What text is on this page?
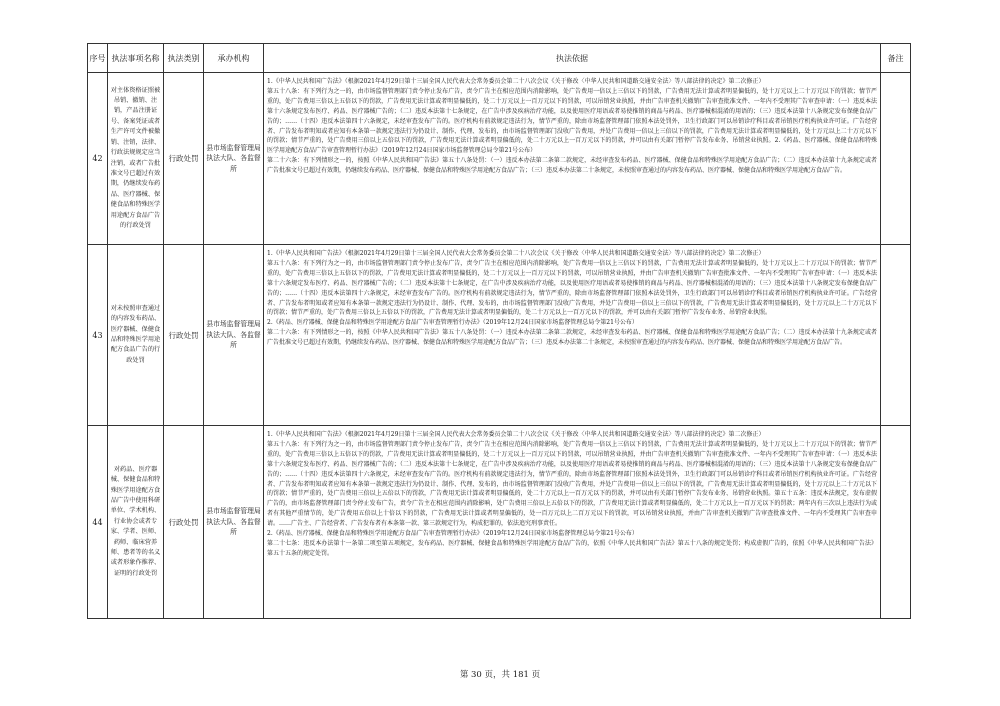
序号	执法事项名称	执法类别	承办机构	执法依据	备注
42	对主体资格证照被吊销、撤销、注销，产品注册证号、备案凭证或者生产许可文件被撤销、注销，法律、行政法规规定应当注销，或者广告批准文号已超过有效期，仍继续发布药品、医疗器械、保健食品和特殊医学用途配方食品广告的行政处罚	行政处罚	县市场监督管理局执法大队、各监督所	1.《中华人民共和国广告法》（根据2021年4月29日第十三届全国人民代表大会常务委员会第二十八次会议《关于修改〈中华人民共和国道路交通安全法〉等八部法律的决定》第二次修正）

第五十八条：有下列行为之一的，由市场监督管理部门责令停止发布广告，责令广告主在相应范围内消除影响，处广告费用一倍以上三倍以下的罚款，广告费用无法计算或者明显偏低的，处十万元以上二十万元以下的罚款；情节严重的，处广告费用三倍以上五倍以下的罚款，广告费用无法计算或者明显偏低的，处二十万元以上一百万元以下的罚款，可以吊销营业执照，并由广告审查机关撤销广告审查批准文件、一年内不受理其广告审查申请：（一）违反本法第十六条规定发布医疗、药品、医疗器械广告的；（二）违反本法第十七条规定，在广告中涉及疾病治疗功能，以及使用医疗用语或者易使推销的商品与药品、医疗器械相混淆的用语的；（三）违反本法第十八条规定发布保健食品广告的；……（十四）违反本法第四十六条规定，未经审查发布广告的。医疗机构有前款规定违法行为，情节严重的，除由市场监督管理部门依照本法处罚外，卫生行政部门可以吊销诊疗科目或者吊销医疗机构执业许可证。广告经营者、广告发布者明知或者应知有本条第一款规定违法行为仍设计、制作、代理、发布的，由市场监督管理部门没收广告费用，并处广告费用一倍以上三倍以下的罚款，广告费用无法计算或者明显偏低的，处十万元以上二十万元以下的罚款；情节严重的，处广告费用三倍以上五倍以下的罚款，广告费用无法计算或者明显偏低的，处二十万元以上一百万元以下的罚款，并可以由有关部门暂停广告发布业务、吊销营业执照。2.《药品、医疗器械、保健食品和特殊医学用途配方食品广告审查管理暂行办法》（2019年12月24日国家市场监督管理总局令第21号公布）

第二十六条：有下列情形之一的，按照《中华人民共和国广告法》第五十八条处罚：（一）违反本办法第二条第二款规定，未经审查发布药品、医疗器械、保健食品和特殊医学用途配方食品广告；（二）违反本办法第十九条规定或者广告批准文号已超过有效期，仍继续发布药品、医疗器械、保健食品和特殊医学用途配方食品广告；（三）违反本办法第二十条规定，未按照审查通过的内容发布药品、医疗器械、保健食品和特殊医学用途配方食品广告。	

43	对未按照审查通过的内容发布药品、医疗器械、保健食品和特殊医学用途配方食品广告的行政处罚	行政处罚	县市场监督管理局执法大队、各监督所	1.《中华人民共和国广告法》（根据2021年4月29日第十三届全国人民代表大会常务委员会第二十八次会议《关于修改〈中华人民共和国道路交通安全法〉等八部法律的决定》第二次修正）

第五十八条：有下列行为之一的，由市场监督管理部门责令停止发布广告，责令广告主在相应范围内消除影响，处广告费用一倍以上三倍以下的罚款，广告费用无法计算或者明显偏低的，处十万元以上二十万元以下的罚款；情节严重的，处广告费用三倍以上五倍以下的罚款，广告费用无法计算或者明显偏低的，处二十万元以上一百万元以下的罚款，可以吊销营业执照，并由广告审查机关撤销广告审查批准文件、一年内不受理其广告审查申请：（一）违反本法第十六条规定发布医疗、药品、医疗器械广告的；（二）违反本法第十七条规定，在广告中涉及疾病治疗功能，以及使用医疗用语或者易使推销的商品与药品、医疗器械相混淆的用语的；（三）违反本法第十八条规定发布保健食品广告的；……（十四）违反本法第四十六条规定，未经审查发布广告的。医疗机构有前款规定违法行为，情节严重的，除由市场监督管理部门依照本法处罚外，卫生行政部门可以吊销诊疗科目或者吊销医疗机构执业许可证。广告经营者、广告发布者明知或者应知有本条第一款规定违法行为仍设计、制作、代理、发布的，由市场监督管理部门没收广告费用，并处广告费用一倍以上三倍以下的罚款，广告费用无法计算或者明显偏低的，处十万元以上二十万元以下的罚款；情节严重的，处广告费用三倍以上五倍以下的罚款，广告费用无法计算或者明显偏低的，处二十万元以上一百万元以下的罚款，并可以由有关部门暂停广告发布业务、吊销营业执照。

2.《药品、医疗器械、保健食品和特殊医学用途配方食品广告审查管理暂行办法》（2019年12月24日国家市场监督管理总局令第21号公布）

第二十六条：有下列情形之一的，按照《中华人民共和国广告法》第五十八条处罚：（一）违反本办法第二条第二款规定，未经审查发布药品、医疗器械、保健食品和特殊医学用途配方食品广告；（二）违反本办法第十九条规定或者广告批准文号已超过有效期，仍继续发布药品、医疗器械、保健食品和特殊医学用途配方食品广告；（三）违反本办法第二十条规定，未按照审查通过的内容发布药品、医疗器械、保健食品和特殊医学用途配方食品广告。	

44	对药品、医疗器械、保健食品和特殊医学用途配方食品广告中使用科研单位、学术机构、行业协会或者专家、学者、医师、药师、临床营养师、患者等的名义或者形象作推荐、证明的行政处罚	行政处罚	县市场监督管理局执法大队、各监督所	1.《中华人民共和国广告法》（根据2021年4月29日第十三届全国人民代表大会常务委员会第二十八次会议《关于修改〈中华人民共和国道路交通安全法〉等八部法律的决定》第二次修正）

第五十八条：有下列行为之一的，由市场监督管理部门责令停止发布广告，责令广告主在相应范围内消除影响，处广告费用一倍以上三倍以下的罚款，广告费用无法计算或者明显偏低的，处十万元以上二十万元以下的罚款；情节严重的，处广告费用三倍以上五倍以下的罚款，广告费用无法计算或者明显偏低的，处二十万元以上一百万元以下的罚款，可以吊销营业执照，并由广告审查机关撤销广告审查批准文件、一年内不受理其广告审查申请：（一）违反本法第十六条规定发布医疗、药品、医疗器械广告的；（二）违反本法第十七条规定，在广告中涉及疾病治疗功能，以及使用医疗用语或者易使推销的商品与药品、医疗器械相混淆的用语的；（三）违反本法第十八条规定发布保健食品广告的；……（十四）违反本法第四十六条规定，未经审查发布广告的。医疗机构有前款规定违法行为，情节严重的，除由市场监督管理部门依照本法处罚外，卫生行政部门可以吊销诊疗科目或者吊销医疗机构执业许可证。广告经营者、广告发布者明知或者应知有本条第一款规定违法行为仍设计、制作、代理、发布的，由市场监督管理部门没收广告费用，并处广告费用一倍以上三倍以下的罚款，广告费用无法计算或者明显偏低的，处十万元以上二十万元以下的罚款；情节严重的，处广告费用三倍以上五倍以下的罚款，广告费用无法计算或者明显偏低的，处二十万元以上一百万元以下的罚款，并可以由有关部门暂停广告发布业务、吊销营业执照。第五十五条：违反本法规定，发布虚假广告的，由市场监督管理部门责令停止发布广告，责令广告主在相应范围内消除影响，处广告费用三倍以上五倍以下的罚款，广告费用无法计算或者明显偏低的，处二十万元以上一百万元以下的罚款；两年内有三次以上违法行为或者有其他严重情节的，处广告费用五倍以上十倍以下的罚款，广告费用无法计算或者明显偏低的，处一百万元以上二百万元以下的罚款，可以吊销营业执照，并由广告审查机关撤销广告审查批准文件、一年内不受理其广告审查申请。……广告主、广告经营者、广告发布者有本条第一款、第三款规定行为，构成犯罪的，依法追究刑事责任。

2.《药品、医疗器械、保健食品和特殊医学用途配方食品广告审查管理暂行办法》（2019年12月24日国家市场监督管理总局令第21号公布）

第二十七条：违反本办法第十一条第二项至第五项规定，发布药品、医疗器械、保健食品和特殊医学用途配方食品广告的，依照《中华人民共和国广告法》第五十八条的规定处罚；构成虚假广告的，依照《中华人民共和国广告法》第五十五条的规定处罚。	

第 30 页，共 181 页
